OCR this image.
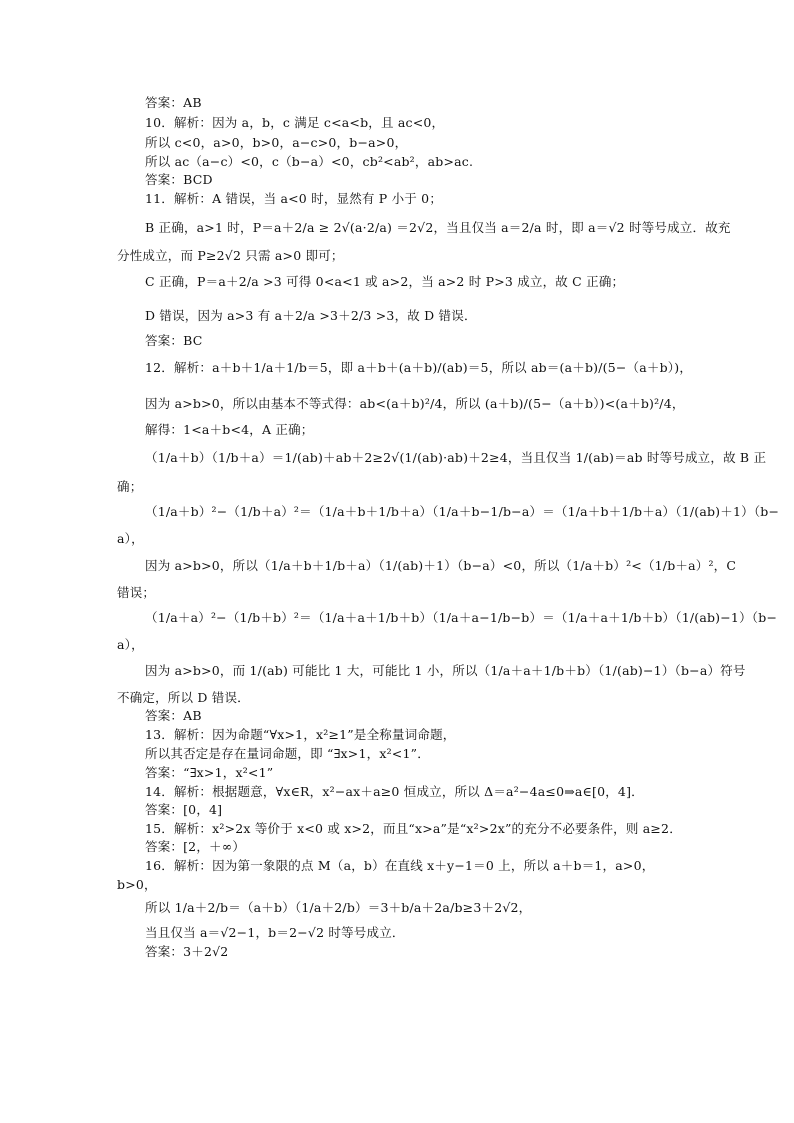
答案：AB
10．解析：因为 a，b，c 满足 c<a<b，且 ac<0，
所以 c<0，a>0，b>0，a−c>0，b−a>0，
所以 ac（a−c）<0，c（b−a）<0，cb²<ab²，ab>ac.
答案：BCD
11．解析：A 错误，当 a<0 时，显然有 P 小于 0；
B 正确，a>1 时，P＝a＋2/a ≥ 2√(a·2/a) ＝2√2，当且仅当 a＝2/a 时，即 a＝√2 时等号成立．故充
分性成立，而 P≥2√2 只需 a>0 即可；
C 正确，P＝a＋2/a >3 可得 0<a<1 或 a>2，当 a>2 时 P>3 成立，故 C 正确；
D 错误，因为 a>3 有 a＋2/a >3＋2/3 >3，故 D 错误．
答案：BC
12．解析：a＋b＋1/a＋1/b＝5，即 a＋b＋(a＋b)/(ab)＝5，所以 ab＝(a＋b)/(5−（a＋b）)，
因为 a>b>0，所以由基本不等式得：ab<(a＋b)²/4，所以 (a＋b)/(5−（a＋b）)<(a＋b)²/4，
解得：1<a＋b<4，A 正确；
（1/a＋b）（1/b＋a）＝1/(ab)＋ab＋2≥2√(1/(ab)·ab)＋2≥4，当且仅当 1/(ab)＝ab 时等号成立，故 B 正
确；
（1/a＋b）²−（1/b＋a）²＝（1/a＋b＋1/b＋a）（1/a＋b−1/b−a）＝（1/a＋b＋1/b＋a）（1/(ab)＋1）（b−
a），
因为 a>b>0，所以（1/a＋b＋1/b＋a）（1/(ab)＋1）（b−a）<0，所以（1/a＋b）²<（1/b＋a）²，C
错误；
（1/a＋a）²−（1/b＋b）²＝（1/a＋a＋1/b＋b）（1/a＋a−1/b−b）＝（1/a＋a＋1/b＋b）（1/(ab)−1）（b−
a），
因为 a>b>0，而 1/(ab) 可能比 1 大，可能比 1 小，所以（1/a＋a＋1/b＋b）（1/(ab)−1）（b−a）符号
不确定，所以 D 错误．
答案：AB
13．解析：因为命题“∀x>1，x²≥1”是全称量词命题，
所以其否定是存在量词命题，即 “∃x>1，x²<1”．
答案：“∃x>1，x²<1”
14．解析：根据题意，∀x∈R，x²−ax＋a≥0 恒成立，所以 Δ＝a²−4a≤0⇒a∈[0，4]．
答案：[0，4]
15．解析：x²>2x 等价于 x<0 或 x>2，而且“x>a”是“x²>2x”的充分不必要条件，则 a≥2．
答案：[2，＋∞）
16．解析：因为第一象限的点 M（a，b）在直线 x＋y−1＝0 上，所以 a＋b＝1，a>0，
b>0，
所以 1/a＋2/b＝（a＋b）（1/a＋2/b）＝3＋b/a＋2a/b≥3＋2√2，
当且仅当 a＝√2−1，b＝2−√2 时等号成立．
答案：3＋2√2
